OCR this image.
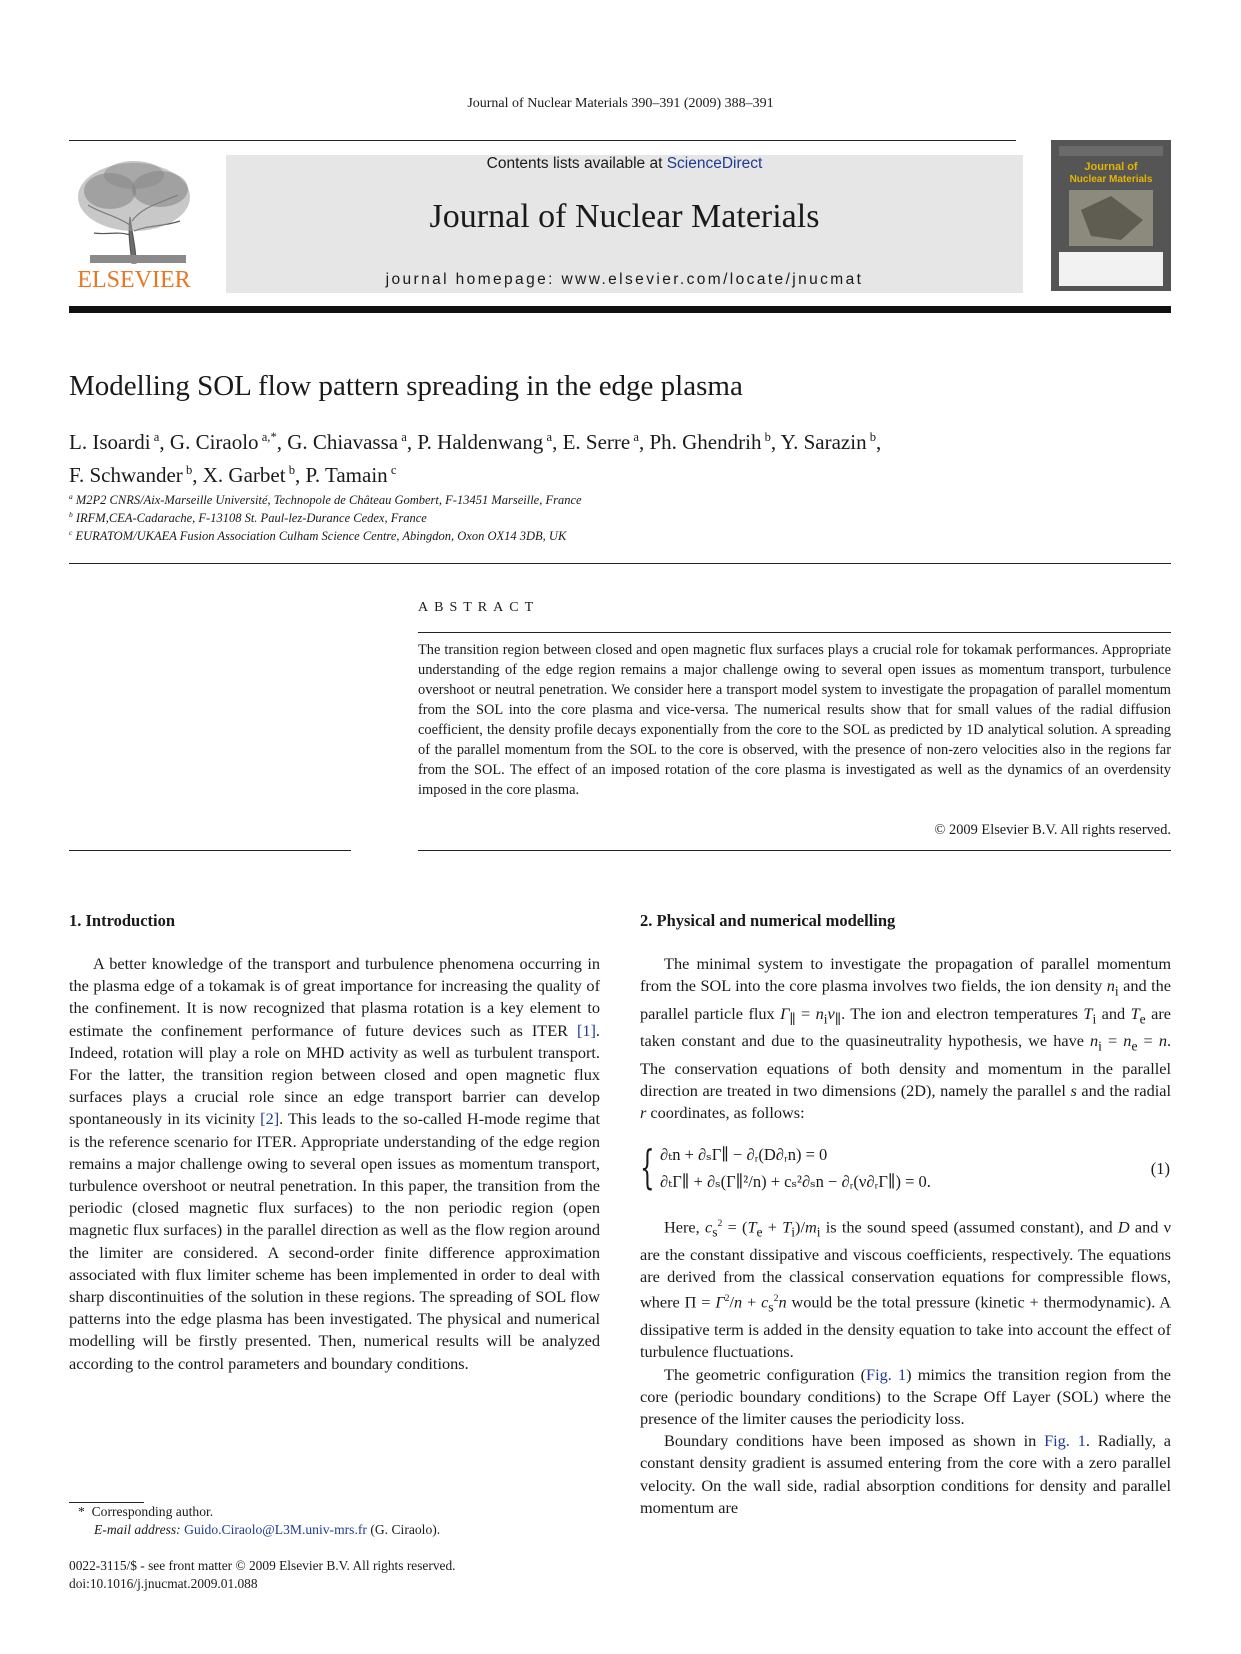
Journal of Nuclear Materials 390–391 (2009) 388–391
ELSEVIER
Contents lists available at ScienceDirect
Journal of Nuclear Materials
journal homepage: www.elsevier.com/locate/jnucmat
Journal of
Nuclear Materials
Modelling SOL flow pattern spreading in the edge plasma
L. Isoardi $^a$, G. Ciraolo $^{a,*}$, G. Chiavassa $^a$, P. Haldenwang $^a$, E. Serre $^a$, Ph. Ghendrih $^b$, Y. Sarazin $^b$,
F. Schwander $^b$, X. Garbet $^b$, P. Tamain $^c$
$^a$ M2P2 CNRS/Aix-Marseille Université, Technopole de Château Gombert, F-13451 Marseille, France
$^b$ IRFM,CEA-Cadarache, F-13108 St. Paul-lez-Durance Cedex, France
$^c$ EURATOM/UKAEA Fusion Association Culham Science Centre, Abingdon, Oxon OX14 3DB, UK
ABSTRACT
The transition region between closed and open magnetic flux surfaces plays a crucial role for tokamak performances. Appropriate understanding of the edge region remains a major challenge owing to several open issues as momentum transport, turbulence overshoot or neutral penetration. We consider here a transport model system to investigate the propagation of parallel momentum from the SOL into the core plasma and vice-versa. The numerical results show that for small values of the radial diffusion coefficient, the density profile decays exponentially from the core to the SOL as predicted by 1D analytical solution. A spreading of the parallel momentum from the SOL to the core is observed, with the presence of non-zero velocities also in the regions far from the SOL. The effect of an imposed rotation of the core plasma is investigated as well as the dynamics of an overdensity imposed in the core plasma.
© 2009 Elsevier B.V. All rights reserved.
1. Introduction

A better knowledge of the transport and turbulence phenomena occurring in the plasma edge of a tokamak is of great importance for increasing the quality of the confinement. It is now recognized that plasma rotation is a key element to estimate the confinement performance of future devices such as ITER [1]. Indeed, rotation will play a role on MHD activity as well as turbulent transport. For the latter, the transition region between closed and open magnetic flux surfaces plays a crucial role since an edge transport barrier can develop spontaneously in its vicinity [2]. This leads to the so-called H-mode regime that is the reference scenario for ITER. Appropriate understanding of the edge region remains a major challenge owing to several open issues as momentum transport, turbulence overshoot or neutral penetration. In this paper, the transition from the periodic (closed magnetic flux surfaces) to the non periodic region (open magnetic flux surfaces) in the parallel direction as well as the flow region around the limiter are considered. A second-order finite difference approximation associated with flux limiter scheme has been implemented in order to deal with sharp discontinuities of the solution in these regions. The spreading of SOL flow patterns into the edge plasma has been investigated. The physical and numerical modelling will be firstly presented. Then, numerical results will be analyzed according to the control parameters and boundary conditions.

* Corresponding author.
E-mail address: Guido.Ciraolo@L3M.univ-mrs.fr (G. Ciraolo).
0022-3115/$ - see front matter © 2009 Elsevier B.V. All rights reserved.
doi:10.1016/j.jnucmat.2009.01.088
2. Physical and numerical modelling

The minimal system to investigate the propagation of parallel momentum from the SOL into the core plasma involves two fields, the ion density $n_i$ and the parallel particle flux $\Gamma_\parallel = n_iv_\parallel$. The ion and electron temperatures $T_i$ and $T_e$ are taken constant and due to the quasineutrality hypothesis, we have $n_i = n_e = n$. The conservation equations of both density and momentum in the parallel direction are treated in two dimensions (2D), namely the parallel s and the radial r coordinates, as follows:

{ ∂ₜn + ∂ₛΓ∥ − ∂ᵣ(D∂ᵣn) = 0
∂ₜΓ∥ + ∂ₛ(Γ∥²/n) + cₛ²∂ₛn − ∂ᵣ(ν∂ᵣΓ∥) = 0.
(1)

Here, $c_s^2 = (T_e + T_i)/m_i$ is the sound speed (assumed constant), and D and ν are the constant dissipative and viscous coefficients, respectively. The equations are derived from the classical conservation equations for compressible flows, where $\Pi = \Gamma^2/n + c_s^2n$ would be the total pressure (kinetic + thermodynamic). A dissipative term is added in the density equation to take into account the effect of turbulence fluctuations.

The geometric configuration (Fig. 1) mimics the transition region from the core (periodic boundary conditions) to the Scrape Off Layer (SOL) where the presence of the limiter causes the periodicity loss.

Boundary conditions have been imposed as shown in Fig. 1. Radially, a constant density gradient is assumed entering from the core with a zero parallel velocity. On the wall side, radial absorption conditions for density and parallel momentum are
